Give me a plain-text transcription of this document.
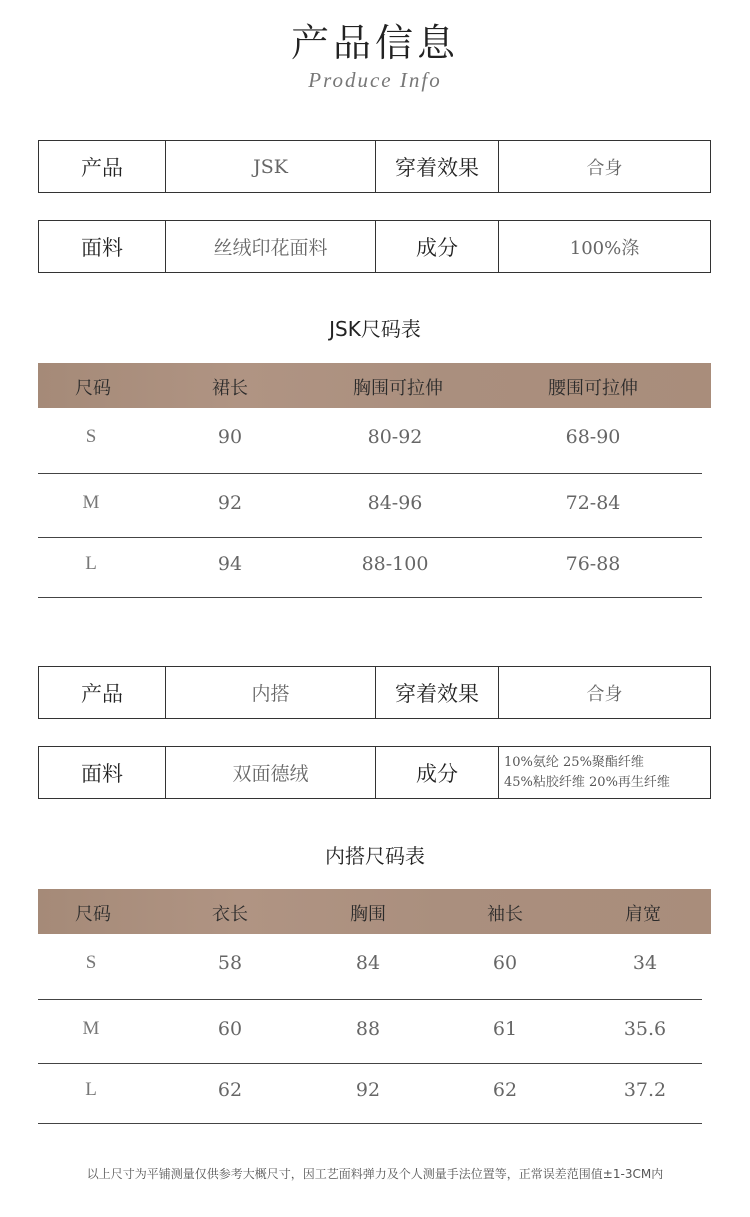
产品信息
Produce Info
产品	JSK	穿着效果	合身
面料	丝绒印花面料	成分	100%涤
JSK尺码表
尺码	裙长	胸围可拉伸	腰围可拉伸
S	90	80-92	68-90
M	92	84-96	72-84
L	94	88-100	76-88
产品	内搭	穿着效果	合身
面料	双面德绒	成分	10%氨纶 25%聚酯纤维
45%粘胶纤维 20%再生纤维
内搭尺码表
尺码	衣长	胸围	袖长	肩宽
S	58	84	60	34
M	60	88	61	35.6
L	62	92	62	37.2
以上尺寸为平铺测量仅供参考大概尺寸，因工艺面料弹力及个人测量手法位置等，正常误差范围值±1-3CM内
